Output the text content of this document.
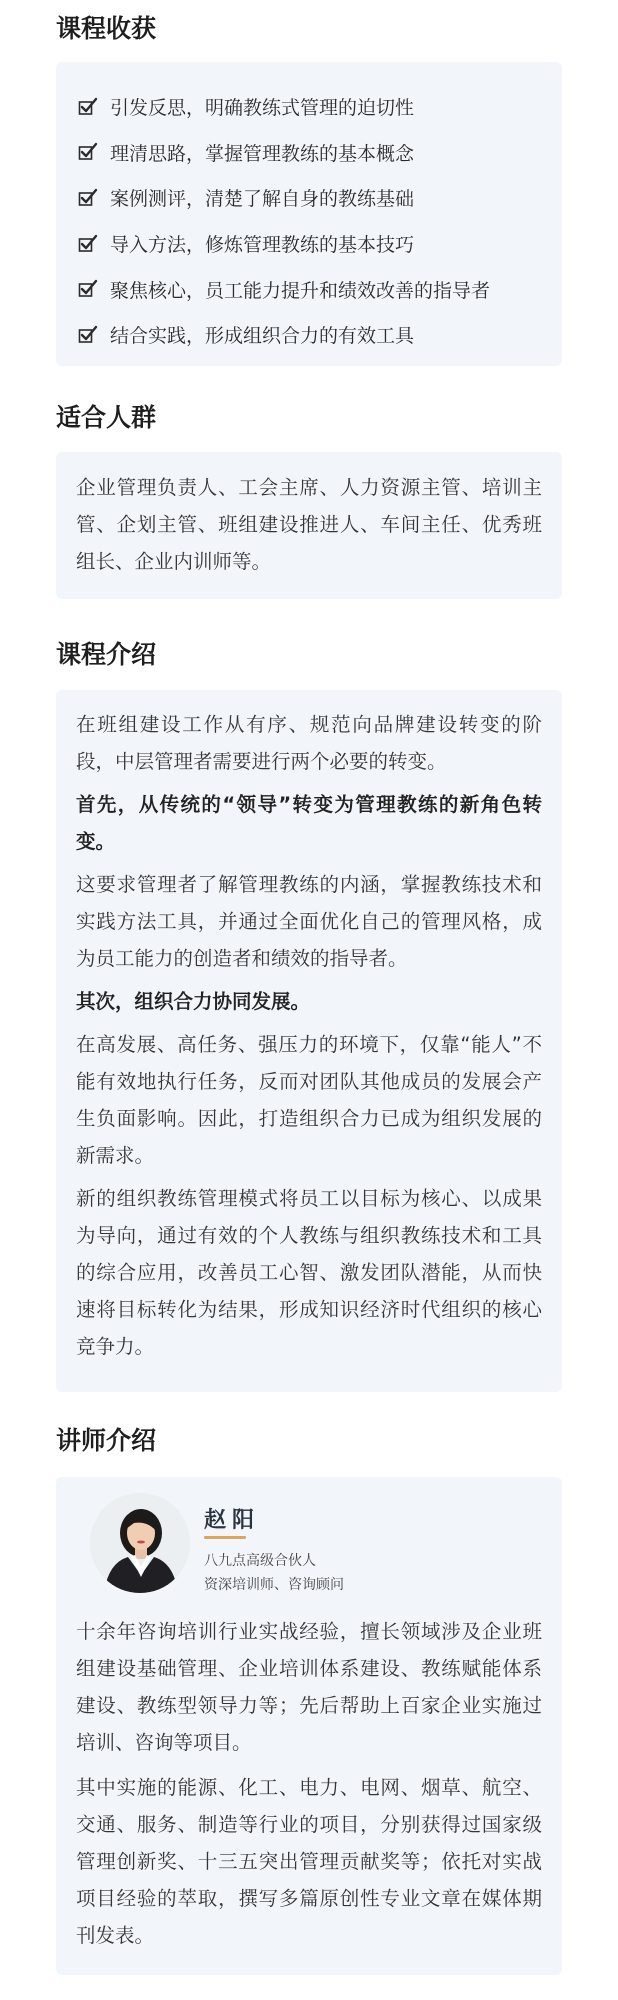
课程收获
引发反思，明确教练式管理的迫切性
理清思路，掌握管理教练的基本概念
案例测评，清楚了解自身的教练基础
导入方法，修炼管理教练的基本技巧
聚焦核心，员工能力提升和绩效改善的指导者
结合实践，形成组织合力的有效工具
适合人群

企业管理负责人、工会主席、人力资源主管、培训主管、企划主管、班组建设推进人、车间主任、优秀班组长、企业内训师等。

课程介绍

在班组建设工作从有序、规范向品牌建设转变的阶段，中层管理者需要进行两个必要的转变。

首先，从传统的“领导”转变为管理教练的新角色转变。

这要求管理者了解管理教练的内涵，掌握教练技术和实践方法工具，并通过全面优化自己的管理风格，成为员工能力的创造者和绩效的指导者。

其次，组织合力协同发展。

在高发展、高任务、强压力的环境下，仅靠“能人”不能有效地执行任务，反而对团队其他成员的发展会产生负面影响。因此，打造组织合力已成为组织发展的新需求。

新的组织教练管理模式将员工以目标为核心、以成果为导向，通过有效的个人教练与组织教练技术和工具的综合应用，改善员工心智、激发团队潜能，从而快速将目标转化为结果，形成知识经济时代组织的核心竞争力。

讲师介绍
赵阳

八九点高级合伙人

资深培训师、咨询顾问

十余年咨询培训行业实战经验，擅长领域涉及企业班组建设基础管理、企业培训体系建设、教练赋能体系建设、教练型领导力等；先后帮助上百家企业实施过培训、咨询等项目。

其中实施的能源、化工、电力、电网、烟草、航空、交通、服务、制造等行业的项目，分别获得过国家级管理创新奖、十三五突出管理贡献奖等；依托对实战项目经验的萃取，撰写多篇原创性专业文章在媒体期刊发表。
